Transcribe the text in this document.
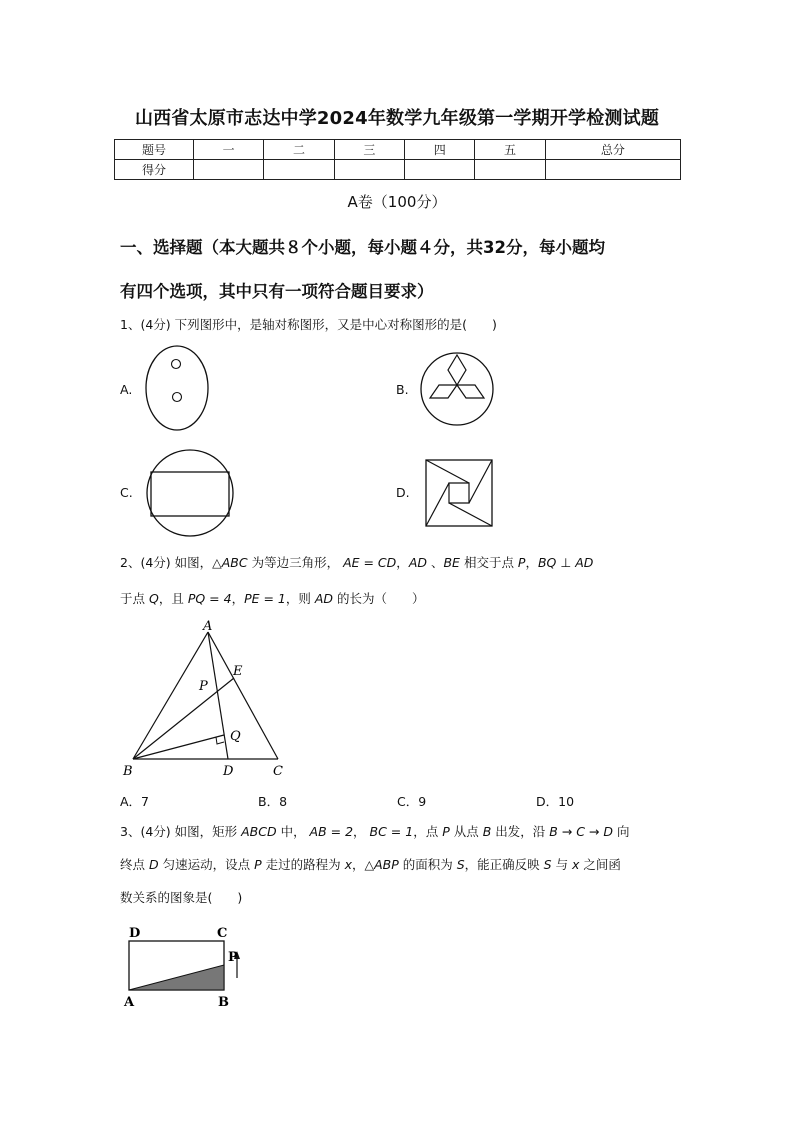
山西省太原市志达中学2024年数学九年级第一学期开学检测试题
题号	一	二	三	四	五	总分
得分						
A卷（100分）
一、选择题（本大题共８个小题，每小题４分，共32分，每小题均
有四个选项，其中只有一项符合题目要求）
1、(4分) 下列图形中，是轴对称图形，又是中心对称图形的是(　　)
A.	B.
C.	D.
2、(4分) 如图，△ABC 为等边三角形， AE = CD，AD 、BE 相交于点 P，BQ ⊥ AD
于点 Q，且 PQ = 4，PE = 1，则 AD 的长为（　　）
A
B	C
D
E
P
Q
A．7	B．8	C．9	D．10
3、(4分) 如图，矩形 ABCD 中， AB = 2， BC = 1，点 P 从点 B 出发，沿 B → C → D 向
终点 D 匀速运动，设点 P 走过的路程为 x，△ABP 的面积为 S，能正确反映 S 与 x 之间函
数关系的图象是(　　)
D	C
A	B
P
